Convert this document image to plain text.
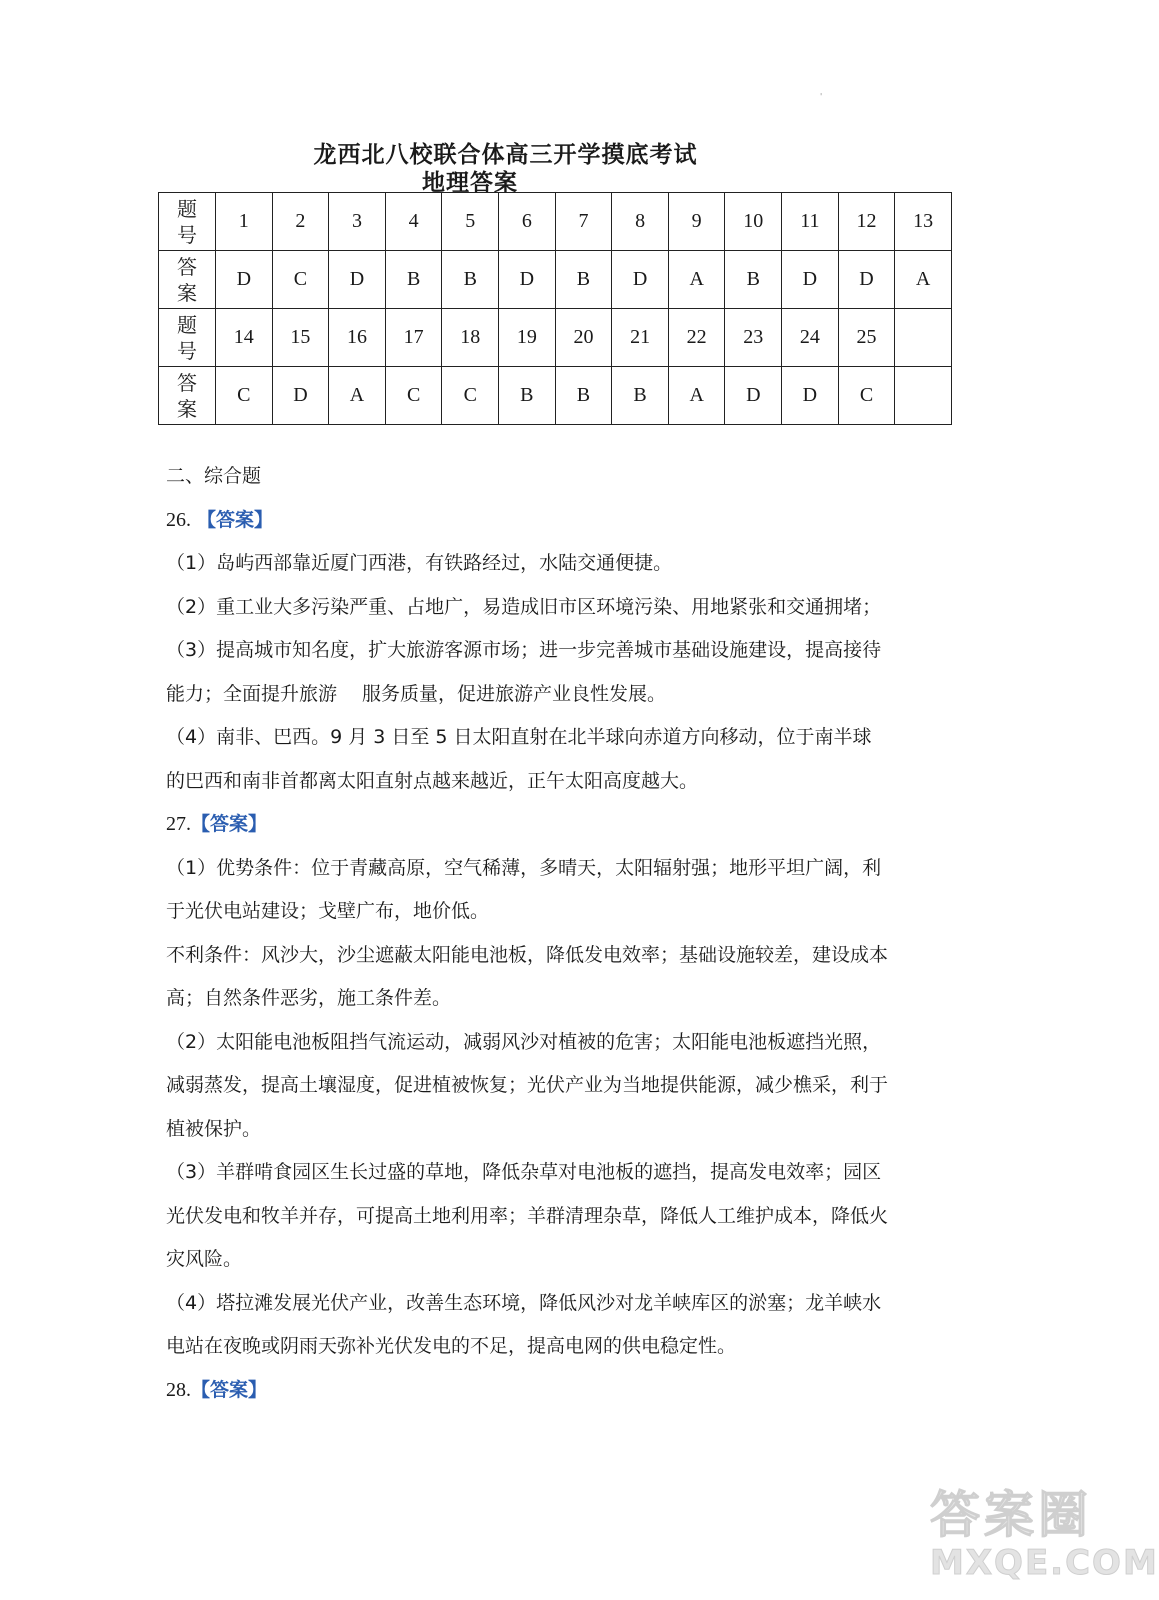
'
龙西北八校联合体高三开学摸底考试
地理答案
题
号	1	2	3	4	5	6	7	8	9	10	11	12	13
答
案	D	C	D	B	B	D	B	D	A	B	D	D	A
题
号	14	15	16	17	18	19	20	21	22	23	24	25	
答
案	C	D	A	C	C	B	B	B	A	D	D	C	

二、综合题

26. 【答案】

（1）岛屿西部靠近厦门西港，有铁路经过，水陆交通便捷。

（2）重工业大多污染严重、占地广，易造成旧市区环境污染、用地紧张和交通拥堵；

（3）提高城市知名度，扩大旅游客源市场；进一步完善城市基础设施建设，提高接待

能力；全面提升旅游 　服务质量，促进旅游产业良性发展。

（4）南非、巴西。9 月 3 日至 5 日太阳直射在北半球向赤道方向移动，位于南半球

的巴西和南非首都离太阳直射点越来越近，正午太阳高度越大。

27.【答案】

（1）优势条件：位于青藏高原，空气稀薄，多晴天，太阳辐射强；地形平坦广阔，利

于光伏电站建设；戈壁广布，地价低。

不利条件：风沙大，沙尘遮蔽太阳能电池板，降低发电效率；基础设施较差，建设成本

高；自然条件恶劣，施工条件差。

（2）太阳能电池板阻挡气流运动，减弱风沙对植被的危害；太阳能电池板遮挡光照，

减弱蒸发，提高土壤湿度，促进植被恢复；光伏产业为当地提供能源，减少樵采，利于

植被保护。

（3）羊群啃食园区生长过盛的草地，降低杂草对电池板的遮挡，提高发电效率；园区

光伏发电和牧羊并存，可提高土地利用率；羊群清理杂草，降低人工维护成本，降低火

灾风险。

（4）塔拉滩发展光伏产业，改善生态环境，降低风沙对龙羊峡库区的淤塞；龙羊峡水

电站在夜晚或阴雨天弥补光伏发电的不足，提高电网的供电稳定性。

28.【答案】

答案圈
MXQE.COM
